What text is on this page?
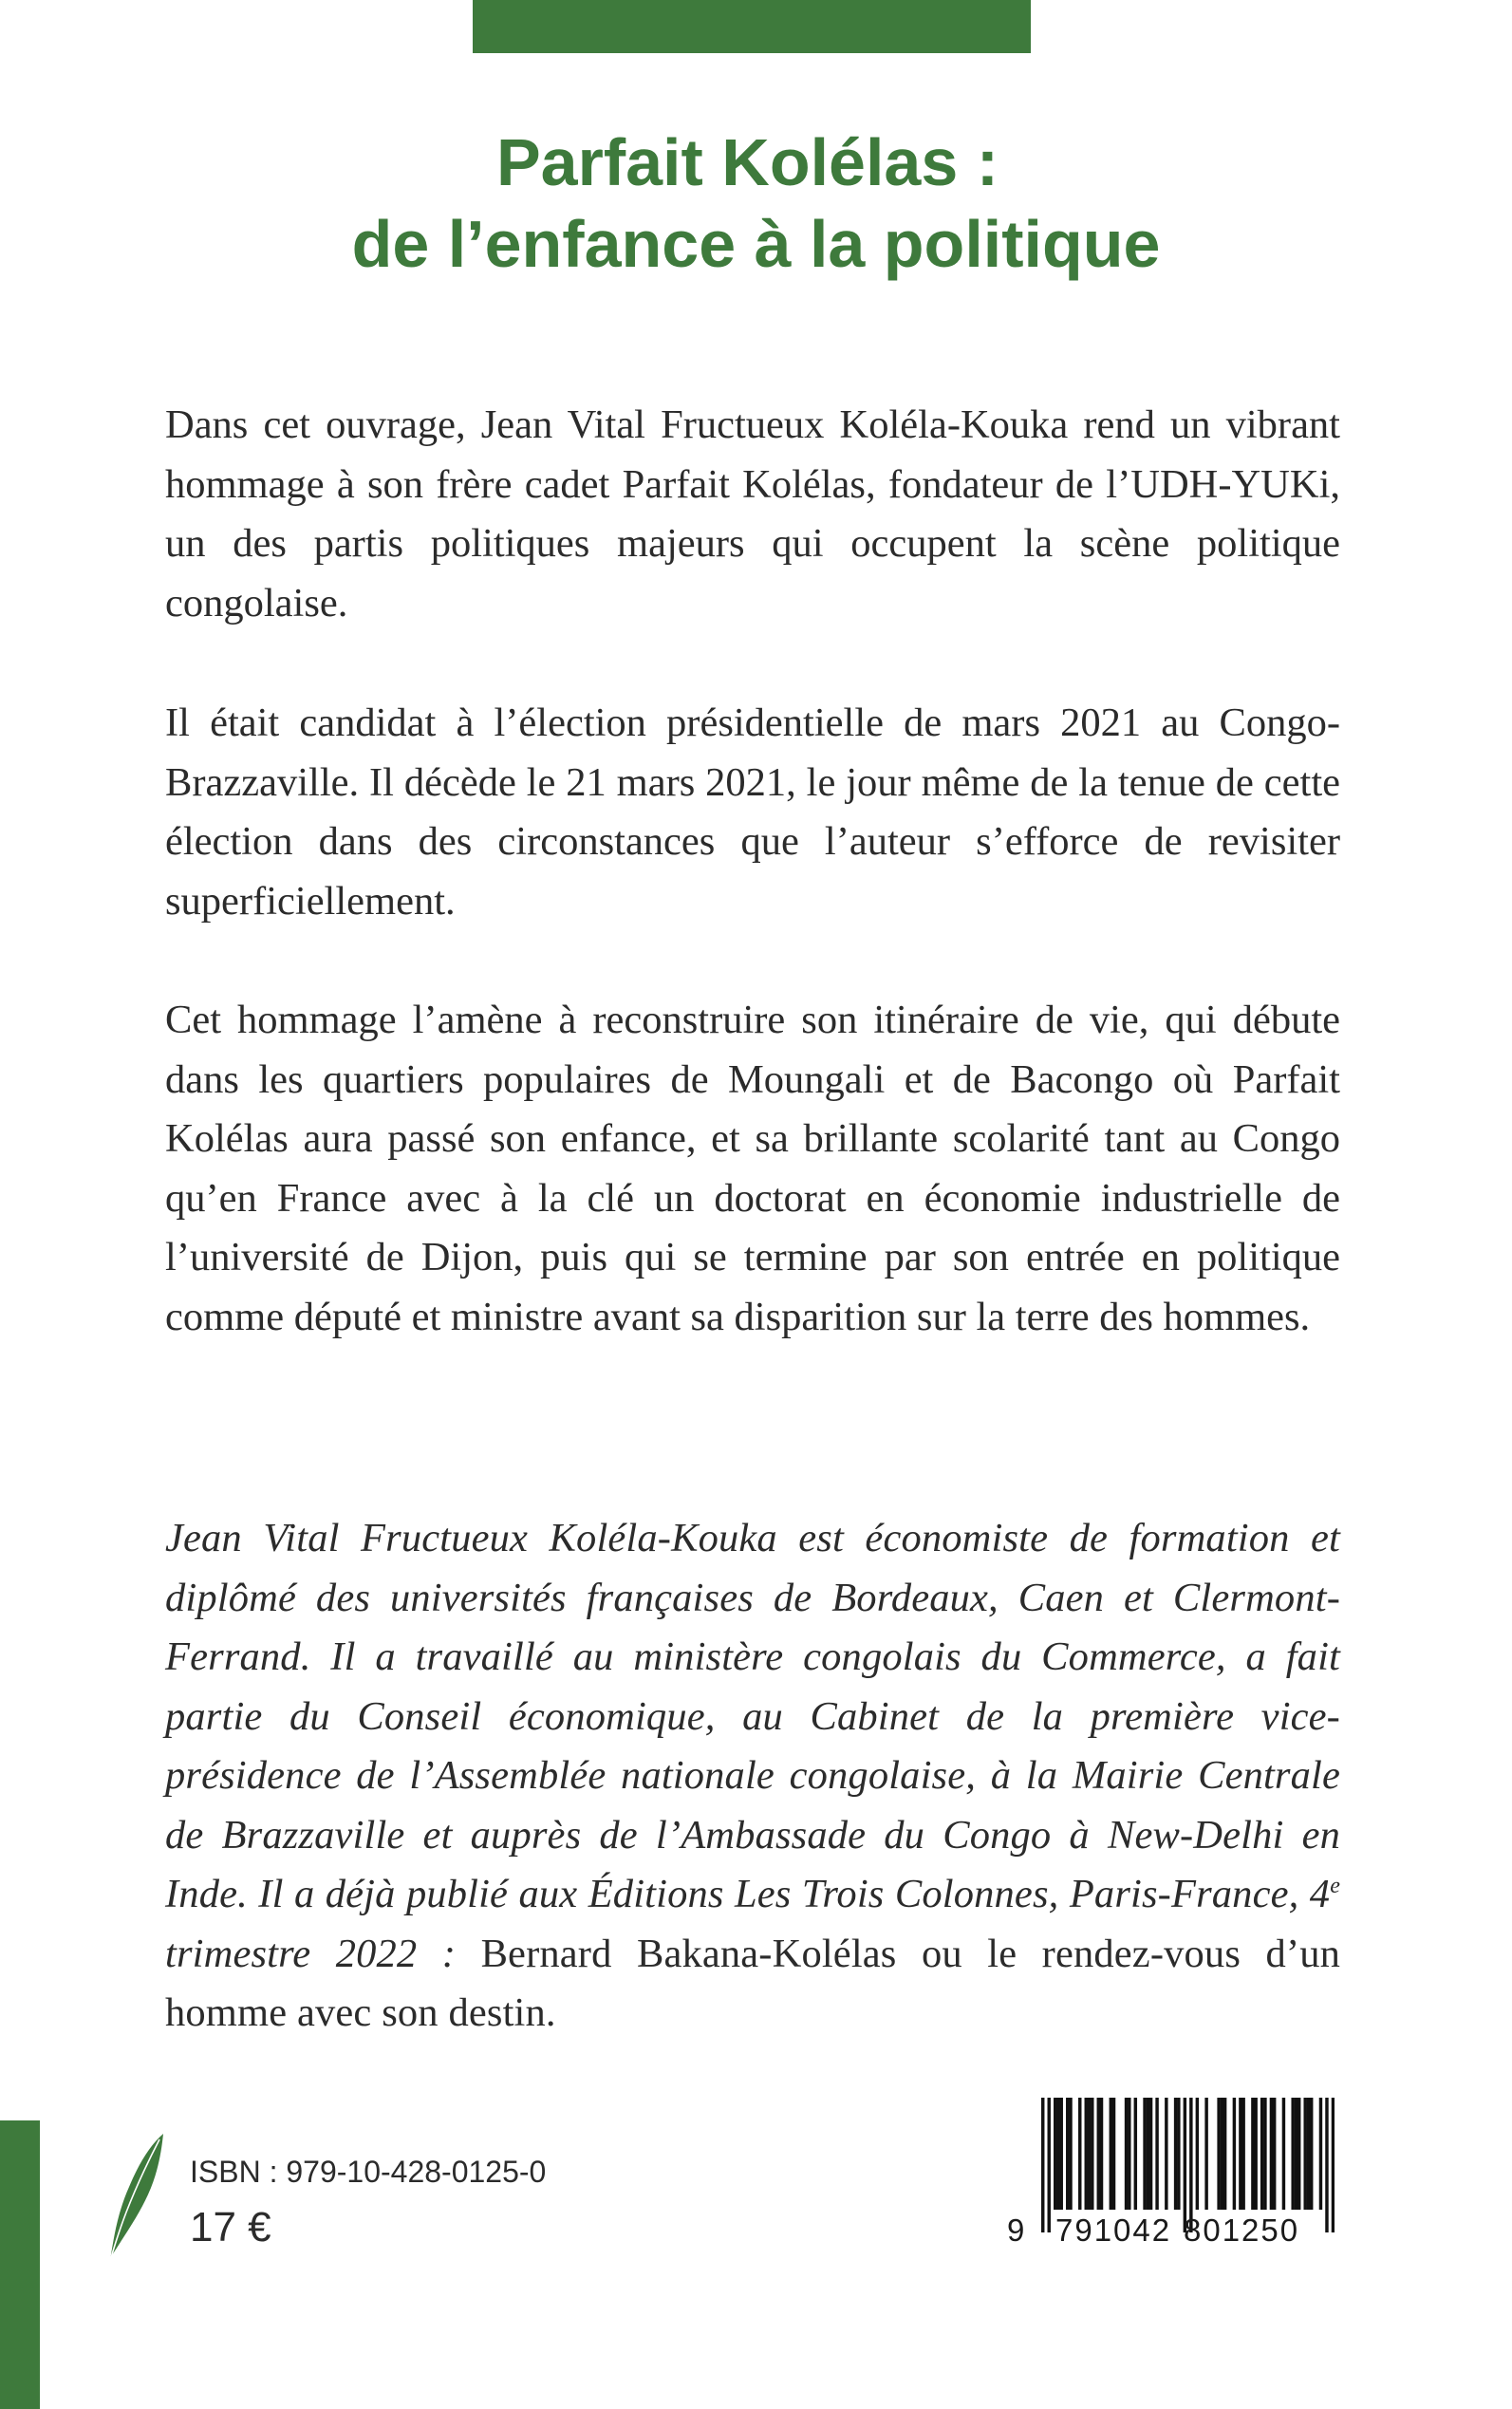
Parfait Kolélas :
de l’enfance à la politique

Dans cet ouvrage, Jean Vital Fructueux Koléla-Kouka rend un vibrant hommage à son frère cadet Parfait Kolélas, fondateur de l’UDH-YUKi, un des partis politiques majeurs qui occupent la scène politique congolaise.

Il était candidat à l’élection présidentielle de mars 2021 au Congo-Brazzaville. Il décède le 21 mars 2021, le jour même de la tenue de cette élection dans des circonstances que l’auteur s’efforce de revisiter superficiellement.

Cet hommage l’amène à reconstruire son itinéraire de vie, qui débute dans les quartiers populaires de Moungali et de Bacongo où Parfait Kolélas aura passé son enfance, et sa brillante scolarité tant au Congo qu’en France avec à la clé un doctorat en économie industrielle de l’université de Dijon, puis qui se termine par son entrée en politique comme député et ministre avant sa disparition sur la terre des hommes.

Jean Vital Fructueux Koléla-Kouka est économiste de formation et diplômé des universités françaises de Bordeaux, Caen et Clermont-Ferrand. Il a travaillé au ministère congolais du Commerce, a fait partie du Conseil économique, au Cabinet de la première vice-présidence de l’Assemblée nationale congolaise, à la Mairie Centrale de Brazzaville et auprès de l’Ambassade du Congo à New-Delhi en Inde. Il a déjà publié aux Éditions Les Trois Colonnes, Paris-France, 4e trimestre 2022 : Bernard Bakana-Kolélas ou le rendez-vous d’un homme avec son destin.

ISBN : 979-10-428-0125-0
17 €	9 791042 801250
